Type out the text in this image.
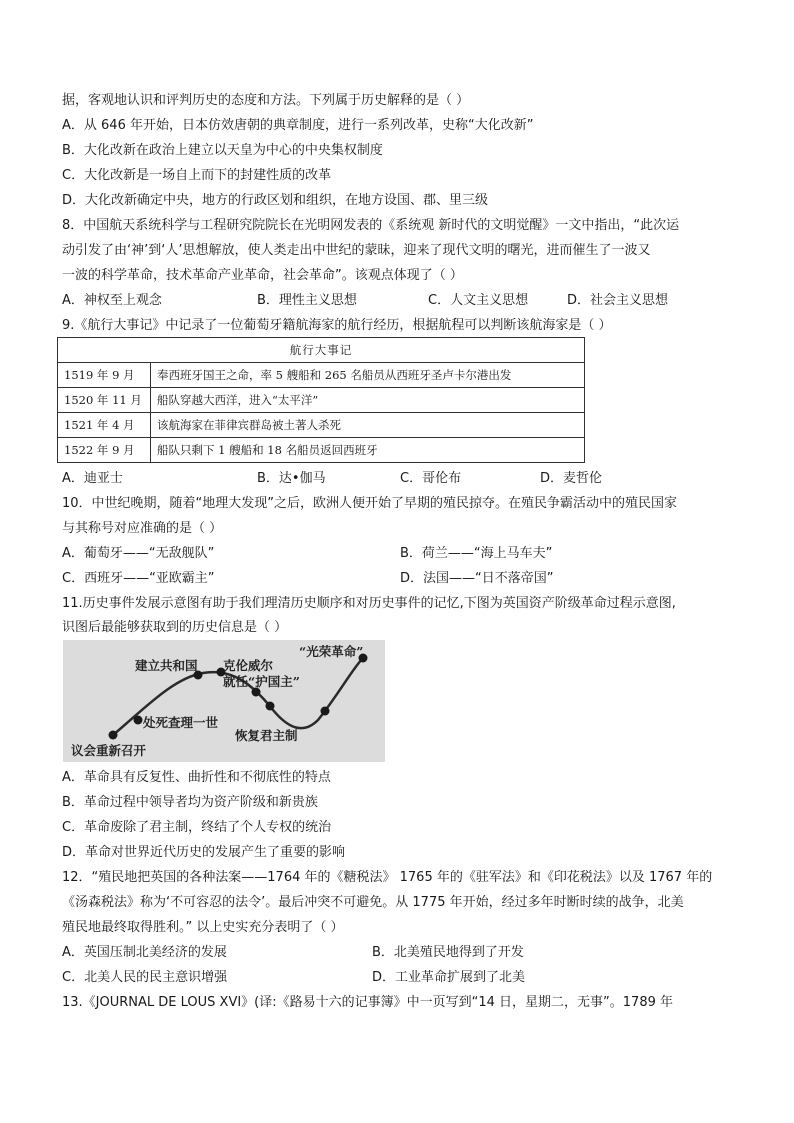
据，客观地认识和评判历史的态度和方法。下列属于历史解释的是（ ）
A．从 646 年开始，日本仿效唐朝的典章制度，进行一系列改革，史称“大化改新”
B．大化改新在政治上建立以天皇为中心的中央集权制度
C．大化改新是一场自上而下的封建性质的改革
D．大化改新确定中央，地方的行政区划和组织，在地方设国、郡、里三级
8．中国航天系统科学与工程研究院院长在光明网发表的《系统观 新时代的文明觉醒》一文中指出，“此次运
动引发了由‘神’到‘人’思想解放，使人类走出中世纪的蒙昧，迎来了现代文明的曙光，进而催生了一波又
一波的科学革命，技术革命产业革命，社会革命”。该观点体现了（ ）
A．神权至上观念	B．理性主义思想	C．人文主义思想	D．社会主义思想
9.《航行大事记》中记录了一位葡萄牙籍航海家的航行经历，根据航程可以判断该航海家是（ ）
航行大事记	
1519 年 9 月	奉西班牙国王之命，率 5 艘船和 265 名船员从西班牙圣卢卡尔港出发
1520 年 11 月	船队穿越大西洋，进入“太平洋”
1521 年 4 月	该航海家在菲律宾群岛被土著人杀死
1522 年 9 月	船队只剩下 1 艘船和 18 名船员返回西班牙
A．迪亚士	B．达•伽马	C．哥伦布	D．麦哲伦
10．中世纪晚期，随着“地理大发现”之后，欧洲人便开始了早期的殖民掠夺。在殖民争霸活动中的殖民国家
与其称号对应准确的是（ ）
A．葡萄牙——“无敌舰队”	B．荷兰——“海上马车夫”
C．西班牙——“亚欧霸主”	D．法国——“日不落帝国”
11.历史事件发展示意图有助于我们理清历史顺序和对历史事件的记忆,下图为英国资产阶级革命过程示意图,
识图后最能够获取到的历史信息是（ ）
议会重新召开
处死查理一世
建立共和国 克伦威尔
就任“护国主”
恢复君主制
“光荣革命”
A．革命具有反复性、曲折性和不彻底性的特点
B．革命过程中领导者均为资产阶级和新贵族
C．革命废除了君主制，终结了个人专权的统治
D．革命对世界近代历史的发展产生了重要的影响
12．“殖民地把英国的各种法案——1764 年的《糖税法》 1765 年的《驻军法》和《印花税法》以及 1767 年的
《汤森税法》称为‘不可容忍的法令’。最后冲突不可避免。从 1775 年开始，经过多年时断时续的战争，北美
殖民地最终取得胜利。” 以上史实充分表明了（ ）
A．英国压制北美经济的发展	B．北美殖民地得到了开发
C．北美人民的民主意识增强	D．工业革命扩展到了北美
13.《JOURNAL DE LOUS XVI》(译:《路易十六的记事簿》中一页写到“14 日，星期二，无事”。1789 年
